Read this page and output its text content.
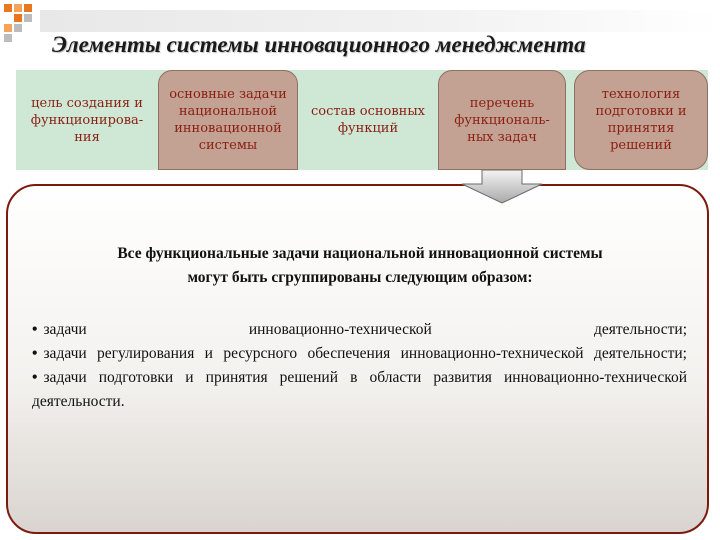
Элементы системы инновационного менеджмента
цель создания и
функционирова-
ния
основные задачи
национальной
инновационной
системы
состав основных
функций
перечень
функциональ-
ных задач
технология
подготовки и
принятия
решений
Все функциональные задачи национальной инновационной системы
могут быть сгруппированы следующим образом:

• задачи инновационно-технической деятельности;

• задачи регулирования и ресурсного обеспечения инновационно-технической деятельности;

• задачи подготовки и принятия решений в области развития инновационно-технической деятельности.
